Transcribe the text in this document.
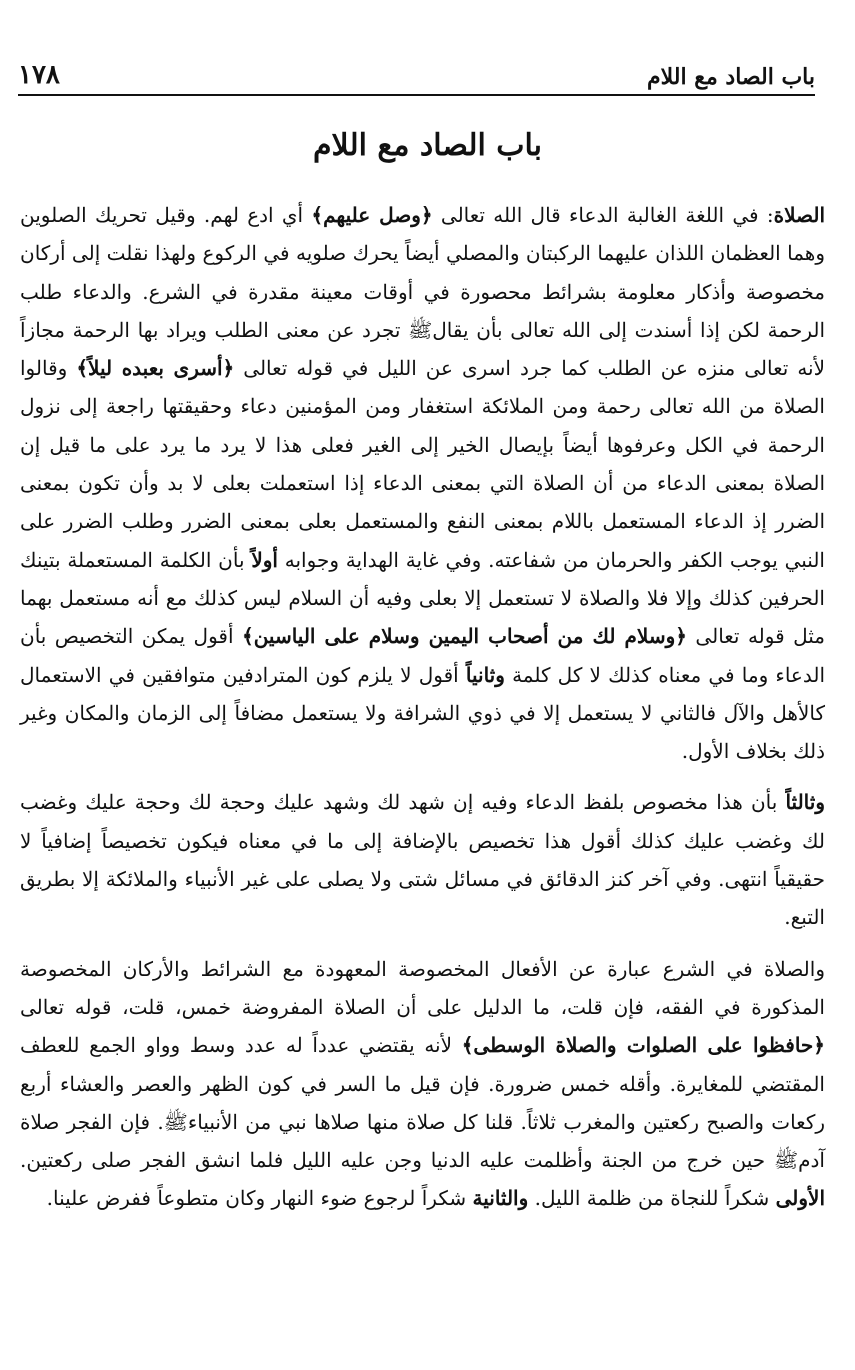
باب الصاد مع اللام
١٧٨
باب الصاد مع اللام

الصلاة: في اللغة الغالبة الدعاء قال الله تعالى ﴿وصل عليهم﴾ أي ادع لهم. وقيل تحريك الصلوين وهما العظمان اللذان عليهما الركبتان والمصلي أيضاً يحرك صلويه في الركوع ولهذا نقلت إلى أركان مخصوصة وأذكار معلومة بشرائط محصورة في أوقات معينة مقدرة في الشرع. والدعاء طلب الرحمة لكن إذا أسندت إلى الله تعالى بأن يقالﷺ تجرد عن معنى الطلب ويراد بها الرحمة مجازاً لأنه تعالى منزه عن الطلب كما جرد اسرى عن الليل في قوله تعالى ﴿أسرى بعبده ليلاً﴾ وقالوا الصلاة من الله تعالى رحمة ومن الملائكة استغفار ومن المؤمنين دعاء وحقيقتها راجعة إلى نزول الرحمة في الكل وعرفوها أيضاً بإيصال الخير إلى الغير فعلى هذا لا يرد ما يرد على ما قيل إن الصلاة بمعنى الدعاء من أن الصلاة التي بمعنى الدعاء إذا استعملت بعلى لا بد وأن تكون بمعنى الضرر إذ الدعاء المستعمل باللام بمعنى النفع والمستعمل بعلى بمعنى الضرر وطلب الضرر على النبي يوجب الكفر والحرمان من شفاعته. وفي غاية الهداية وجوابه أولاً بأن الكلمة المستعملة بتينك الحرفين كذلك وإلا فلا والصلاة لا تستعمل إلا بعلى وفيه أن السلام ليس كذلك مع أنه مستعمل بهما مثل قوله تعالى ﴿وسلام لك من أصحاب اليمين وسلام على الياسين﴾ أقول يمكن التخصيص بأن الدعاء وما في معناه كذلك لا كل كلمة وثانياً أقول لا يلزم كون المترادفين متوافقين في الاستعمال كالأهل والآل فالثاني لا يستعمل إلا في ذوي الشرافة ولا يستعمل مضافاً إلى الزمان والمكان وغير ذلك بخلاف الأول.

وثالثاً بأن هذا مخصوص بلفظ الدعاء وفيه إن شهد لك وشهد عليك وحجة لك وحجة عليك وغضب لك وغضب عليك كذلك أقول هذا تخصيص بالإضافة إلى ما في معناه فيكون تخصيصاً إضافياً لا حقيقياً انتهى. وفي آخر كنز الدقائق في مسائل شتى ولا يصلى على غير الأنبياء والملائكة إلا بطريق التبع.

والصلاة في الشرع عبارة عن الأفعال المخصوصة المعهودة مع الشرائط والأركان المخصوصة المذكورة في الفقه، فإن قلت، ما الدليل على أن الصلاة المفروضة خمس، قلت، قوله تعالى ﴿حافظوا على الصلوات والصلاة الوسطى﴾ لأنه يقتضي عدداً له عدد وسط وواو الجمع للعطف المقتضي للمغايرة. وأقله خمس ضرورة. فإن قيل ما السر في كون الظهر والعصر والعشاء أربع ركعات والصبح ركعتين والمغرب ثلاثاً. قلنا كل صلاة منها صلاها نبي من الأنبياءﷺ. فإن الفجر صلاة آدمﷺ حين خرج من الجنة وأظلمت عليه الدنيا وجن عليه الليل فلما انشق الفجر صلى ركعتين. الأولى شكراً للنجاة من ظلمة الليل. والثانية شكراً لرجوع ضوء النهار وكان متطوعاً ففرض علينا.
